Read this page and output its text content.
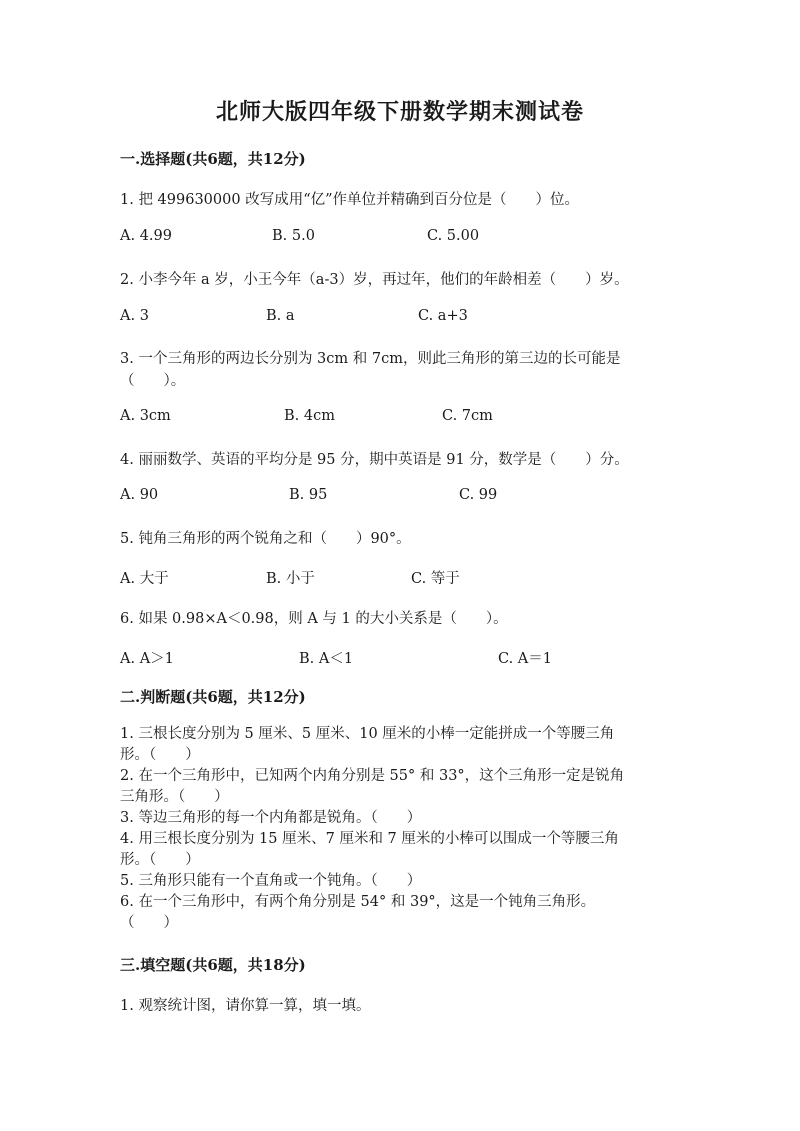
北师大版四年级下册数学期末测试卷
一.选择题(共6题，共12分)
1. 把 499630000 改写成用“亿”作单位并精确到百分位是（　　）位。
A. 4.99	B. 5.0	C. 5.00
2. 小李今年 a 岁，小王今年（a-3）岁，再过年，他们的年龄相差（　　）岁。
A. 3	B. a	C. a+3
3. 一个三角形的两边长分别为 3cm 和 7cm，则此三角形的第三边的长可能是
（　　）。
A. 3cm	B. 4cm	C. 7cm
4. 丽丽数学、英语的平均分是 95 分，期中英语是 91 分，数学是（　　）分。
A. 90	B. 95	C. 99
5. 钝角三角形的两个锐角之和（　　）90°。
A. 大于	B. 小于	C. 等于
6. 如果 0.98×A＜0.98，则 A 与 1 的大小关系是（　　）。
A. A＞1	B. A＜1	C. A＝1
二.判断题(共6题，共12分)
1. 三根长度分别为 5 厘米、5 厘米、10 厘米的小棒一定能拼成一个等腰三角
形。（　　）
2. 在一个三角形中，已知两个内角分别是 55° 和 33°，这个三角形一定是锐角
三角形。（　　）
3. 等边三角形的每一个内角都是锐角。（　　）
4. 用三根长度分别为 15 厘米、7 厘米和 7 厘米的小棒可以围成一个等腰三角
形。（　　）
5. 三角形只能有一个直角或一个钝角。（　　）
6. 在一个三角形中，有两个角分别是 54° 和 39°，这是一个钝角三角形。
（　　）
三.填空题(共6题，共18分)
1. 观察统计图，请你算一算，填一填。
